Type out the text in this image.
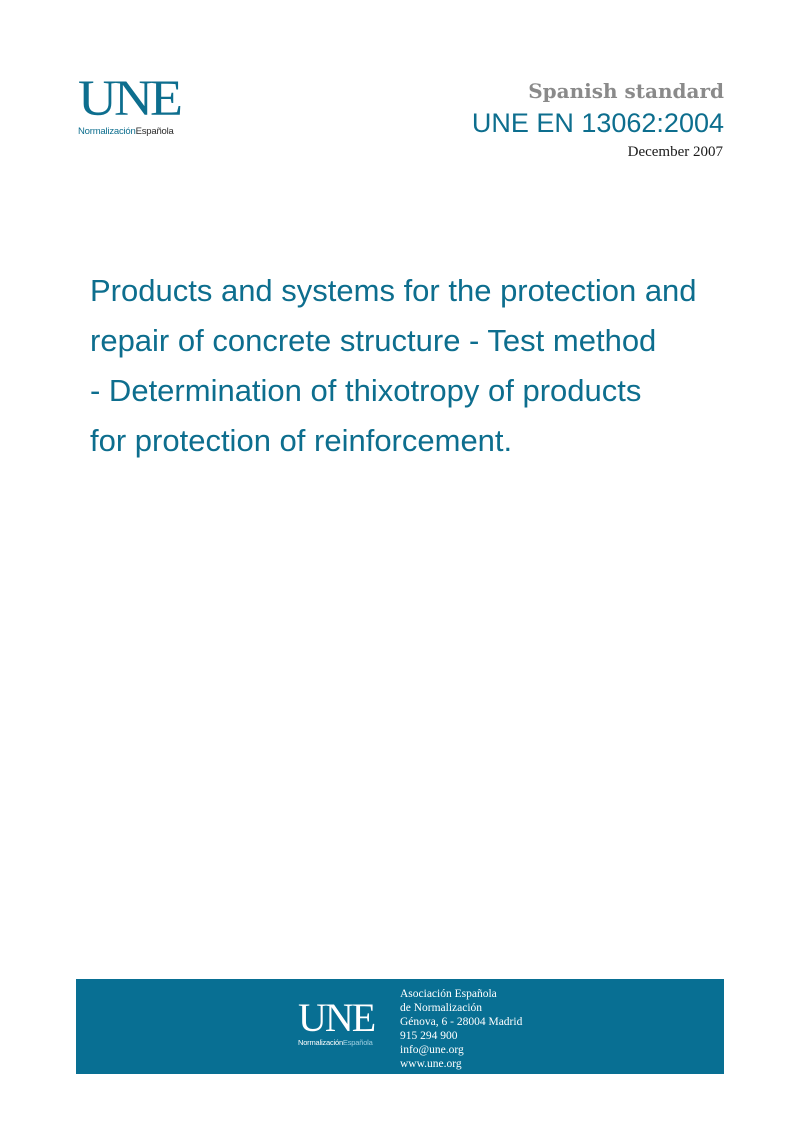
UNE
NormalizaciónEspañola
Spanish standard
UNE EN 13062:2004
December 2007
Products and systems for the protection and
repair of concrete structure - Test method
- Determination of thixotropy of products
for protection of reinforcement.
UNE
NormalizaciónEspañola
Asociación Española
de Normalización
Génova, 6 - 28004 Madrid
915 294 900
info@une.org
www.une.org
